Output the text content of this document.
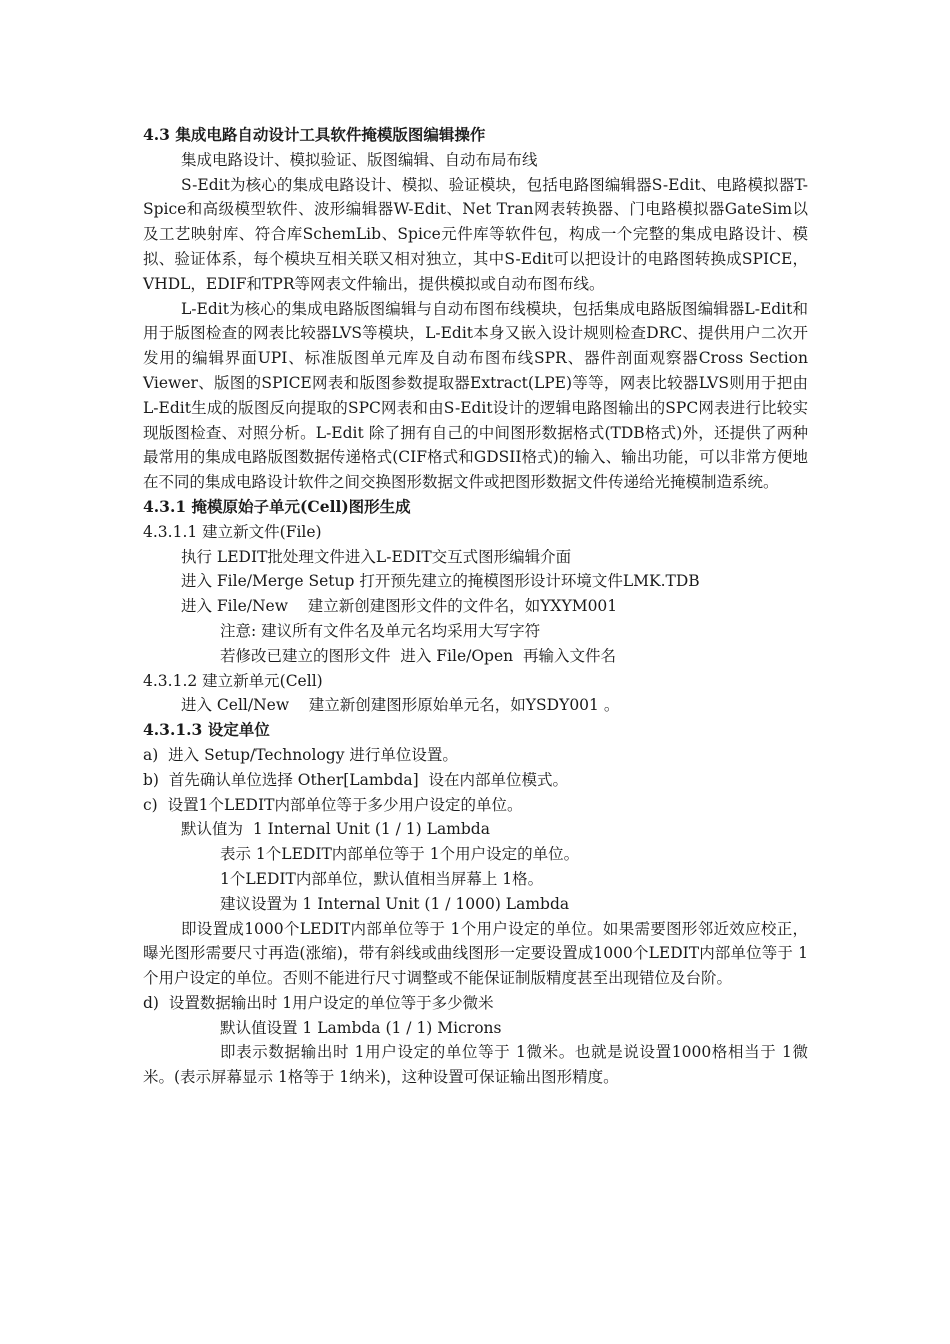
4.3 集成电路自动设计工具软件掩模版图编辑操作
集成电路设计、模拟验证、版图编辑、自动布局布线

S-Edit为核心的集成电路设计、模拟、验证模块，包括电路图编辑器S-Edit、电路模拟器T-Spice和高级模型软件、波形编辑器W-Edit、Net Tran网表转换器、门电路模拟器GateSim以及工艺映射库、符合库SchemLib、Spice元件库等软件包，构成一个完整的集成电路设计、模拟、验证体系，每个模块互相关联又相对独立，其中S-Edit可以把设计的电路图转换成SPICE，VHDL，EDIF和TPR等网表文件输出，提供模拟或自动布图布线。

L-Edit为核心的集成电路版图编辑与自动布图布线模块，包括集成电路版图编辑器L-Edit和用于版图检查的网表比较器LVS等模块，L-Edit本身又嵌入设计规则检查DRC、提供用户二次开发用的编辑界面UPI、标准版图单元库及自动布图布线SPR、器件剖面观察器Cross Section Viewer、版图的SPICE网表和版图参数提取器Extract(LPE)等等，网表比较器LVS则用于把由L-Edit生成的版图反向提取的SPC网表和由S-Edit设计的逻辑电路图输出的SPC网表进行比较实现版图检查、对照分析。L-Edit 除了拥有自己的中间图形数据格式(TDB格式)外，还提供了两种最常用的集成电路版图数据传递格式(CIF格式和GDSII格式)的输入、输出功能，可以非常方便地在不同的集成电路设计软件之间交换图形数据文件或把图形数据文件传递给光掩模制造系统。

4.3.1 掩模原始子单元(Cell)图形生成
4.3.1.1 建立新文件(File)
执行 LEDIT批处理文件进入L-EDIT交互式图形编辑介面
进入 File/Merge Setup 打开预先建立的掩模图形设计环境文件LMK.TDB
进入 File/New    建立新创建图形文件的文件名，如YXYM001
注意: 建议所有文件名及单元名均采用大写字符
若修改已建立的图形文件  进入 File/Open  再输入文件名
4.3.1.2 建立新单元(Cell)
进入 Cell/New    建立新创建图形原始单元名，如YSDY001 。
4.3.1.3 设定单位
a)  进入 Setup/Technology 进行单位设置。
b)  首先确认单位选择 Other[Lambda]  设在内部单位模式。
c)  设置1个LEDIT内部单位等于多少用户设定的单位。
默认值为  1 Internal Unit (1 / 1) Lambda
表示 1个LEDIT内部单位等于 1个用户设定的单位。
1个LEDIT内部单位，默认值相当屏幕上 1格。
建议设置为 1 Internal Unit (1 / 1000) Lambda

即设置成1000个LEDIT内部单位等于 1个用户设定的单位。如果需要图形邻近效应校正，曝光图形需要尺寸再造(涨缩)，带有斜线或曲线图形一定要设置成1000个LEDIT内部单位等于 1个用户设定的单位。否则不能进行尺寸调整或不能保证制版精度甚至出现错位及台阶。

d)  设置数据输出时 1用户设定的单位等于多少微米
默认值设置 1 Lambda (1 / 1) Microns

即表示数据输出时 1用户设定的单位等于 1微米。也就是说设置1000格相当于 1微米。(表示屏幕显示 1格等于 1纳米)，这种设置可保证输出图形精度。
